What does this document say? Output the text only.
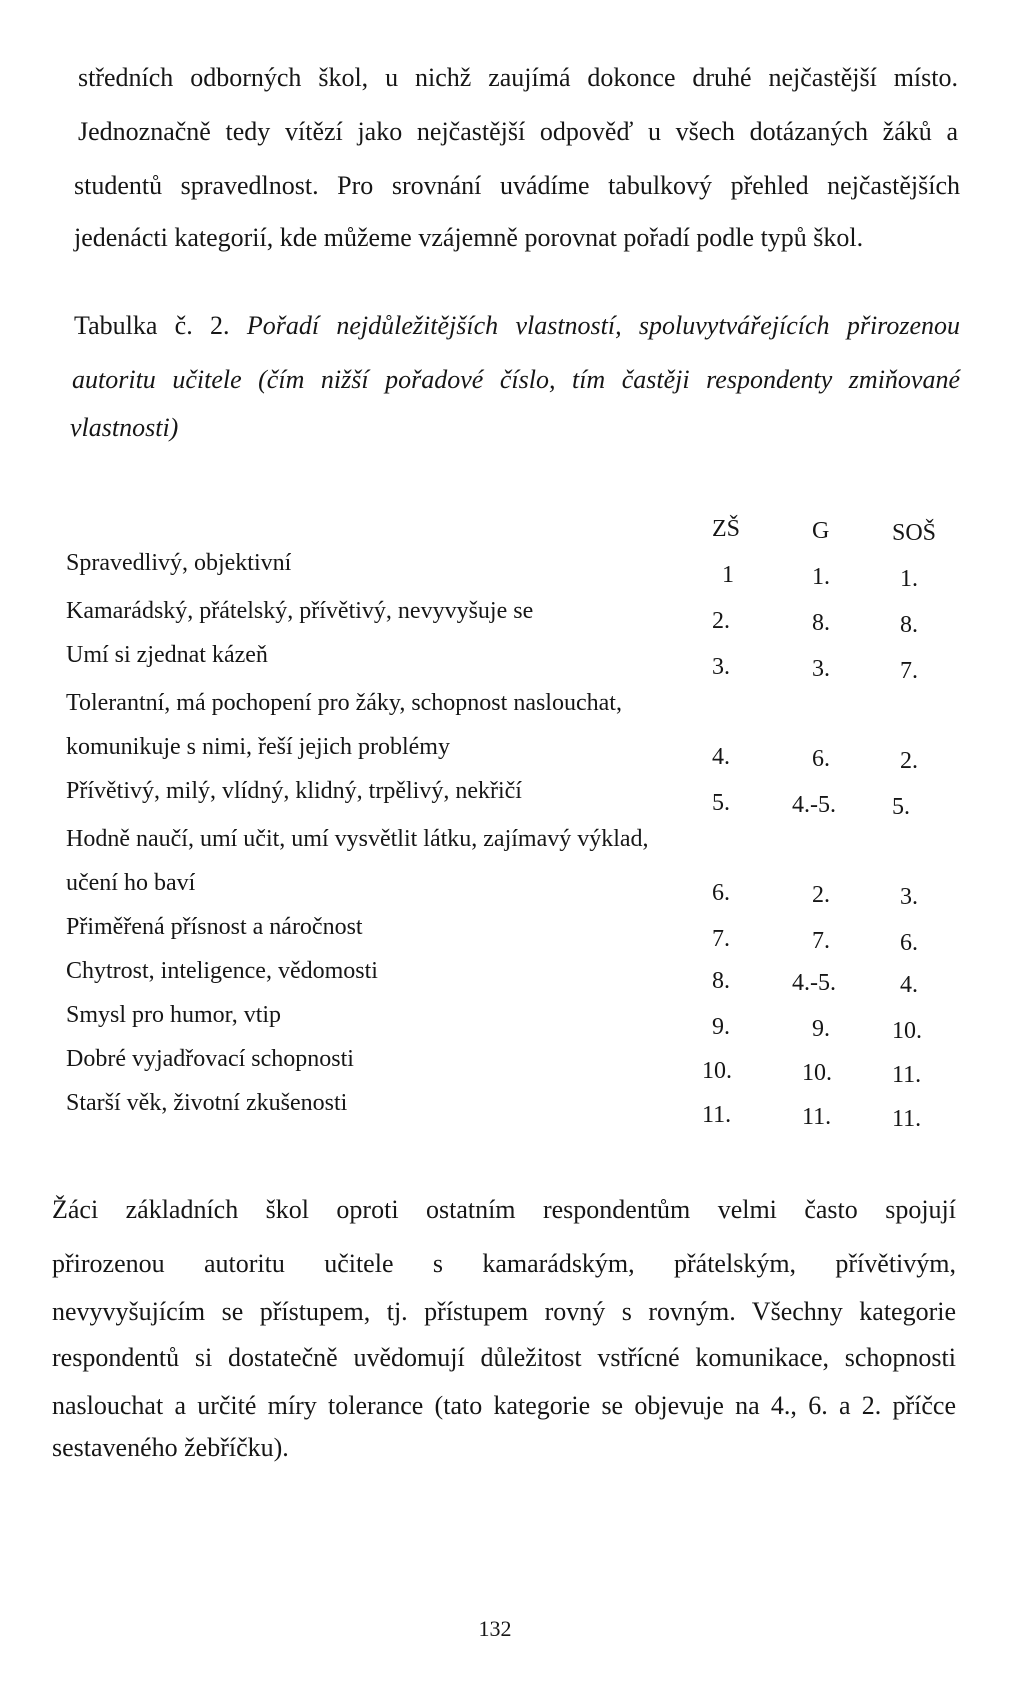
středních odborných škol, u nichž zaujímá dokonce druhé nejčastější místo.
Jednoznačně tedy vítězí jako nejčastější odpověď u všech dotázaných žáků a
studentů spravedlnost. Pro srovnání uvádíme tabulkový přehled nejčastějších
jedenácti kategorií, kde můžeme vzájemně porovnat pořadí podle typů škol.
Tabulka č. 2. Pořadí nejdůležitějších vlastností, spoluvytvářejících přirozenou
autoritu učitele (čím nižší pořadové číslo, tím častěji respondenty zmiňované
vlastnosti)
ZŠ	G	SOŠ
Spravedlivý, objektivní	1	1.	1.
Kamarádský, přátelský, přívětivý, nevyvyšuje se	2.	8.	8.
Umí si zjednat kázeň	3.	3.	7.
Tolerantní, má pochopení pro žáky, schopnost naslouchat,
komunikuje s nimi, řeší jejich problémy	4.	6.	2.
Přívětivý, milý, vlídný, klidný, trpělivý, nekřičí	5.	4.-5. 5.
Hodně naučí, umí učit, umí vysvětlit látku, zajímavý výklad,
učení ho baví	6.	2.	3.
Přiměřená přísnost a náročnost	7.	7.	6.
Chytrost, inteligence, vědomosti	8.	4.-5.	4.
Smysl pro humor, vtip	9.	9.	10.
Dobré vyjadřovací schopnosti	10.	10.	11.
Starší věk, životní zkušenosti	11.	11.	11.
Žáci základních škol oproti ostatním respondentům velmi často spojují
přirozenou autoritu učitele s kamarádským, přátelským, přívětivým,
nevyvyšujícím se přístupem, tj. přístupem rovný s rovným. Všechny kategorie
respondentů si dostatečně uvědomují důležitost vstřícné komunikace, schopnosti
naslouchat a určité míry tolerance (tato kategorie se objevuje na 4., 6. a 2. příčce
sestaveného žebříčku).
132
